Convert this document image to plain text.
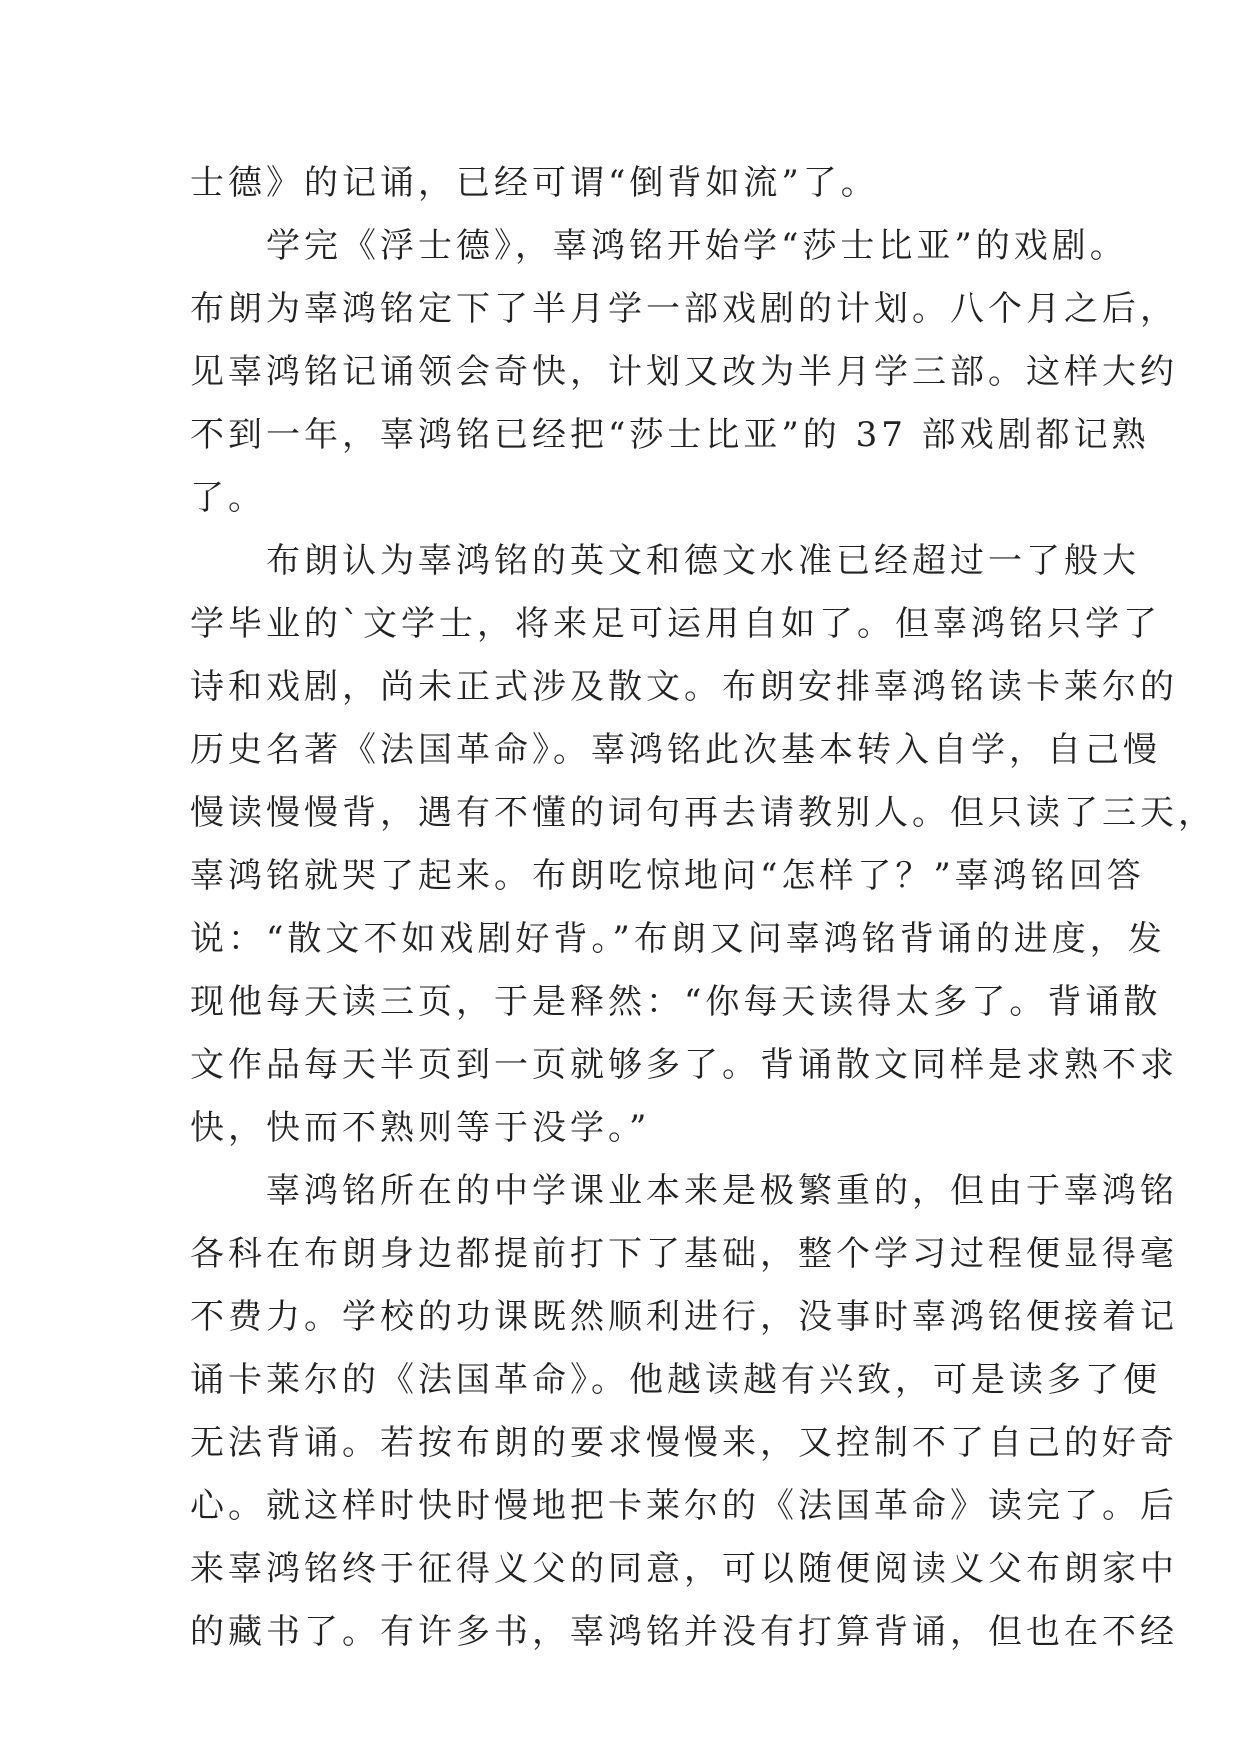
士德》的记诵，已经可谓“倒背如流”了。
　　学完《浮士德》，辜鸿铭开始学“莎士比亚”的戏剧。
布朗为辜鸿铭定下了半月学一部戏剧的计划。八个月之后，
见辜鸿铭记诵领会奇快，计划又改为半月学三部。这样大约
不到一年，辜鸿铭已经把“莎士比亚”的 37 部戏剧都记熟
了。
　　布朗认为辜鸿铭的英文和德文水准已经超过一了般大
学毕业的`文学士，将来足可运用自如了。但辜鸿铭只学了
诗和戏剧，尚未正式涉及散文。布朗安排辜鸿铭读卡莱尔的
历史名著《法国革命》。辜鸿铭此次基本转入自学，自己慢
慢读慢慢背，遇有不懂的词句再去请教别人。但只读了三天，
辜鸿铭就哭了起来。布朗吃惊地问“怎样了？”辜鸿铭回答
说：“散文不如戏剧好背。”布朗又问辜鸿铭背诵的进度，发
现他每天读三页，于是释然：“你每天读得太多了。背诵散
文作品每天半页到一页就够多了。背诵散文同样是求熟不求
快，快而不熟则等于没学。”
　　辜鸿铭所在的中学课业本来是极繁重的，但由于辜鸿铭
各科在布朗身边都提前打下了基础，整个学习过程便显得毫
不费力。学校的功课既然顺利进行，没事时辜鸿铭便接着记
诵卡莱尔的《法国革命》。他越读越有兴致，可是读多了便
无法背诵。若按布朗的要求慢慢来，又控制不了自己的好奇
心。就这样时快时慢地把卡莱尔的《法国革命》读完了。后
来辜鸿铭终于征得义父的同意，可以随便阅读义父布朗家中
的藏书了。有许多书，辜鸿铭并没有打算背诵，但也在不经
